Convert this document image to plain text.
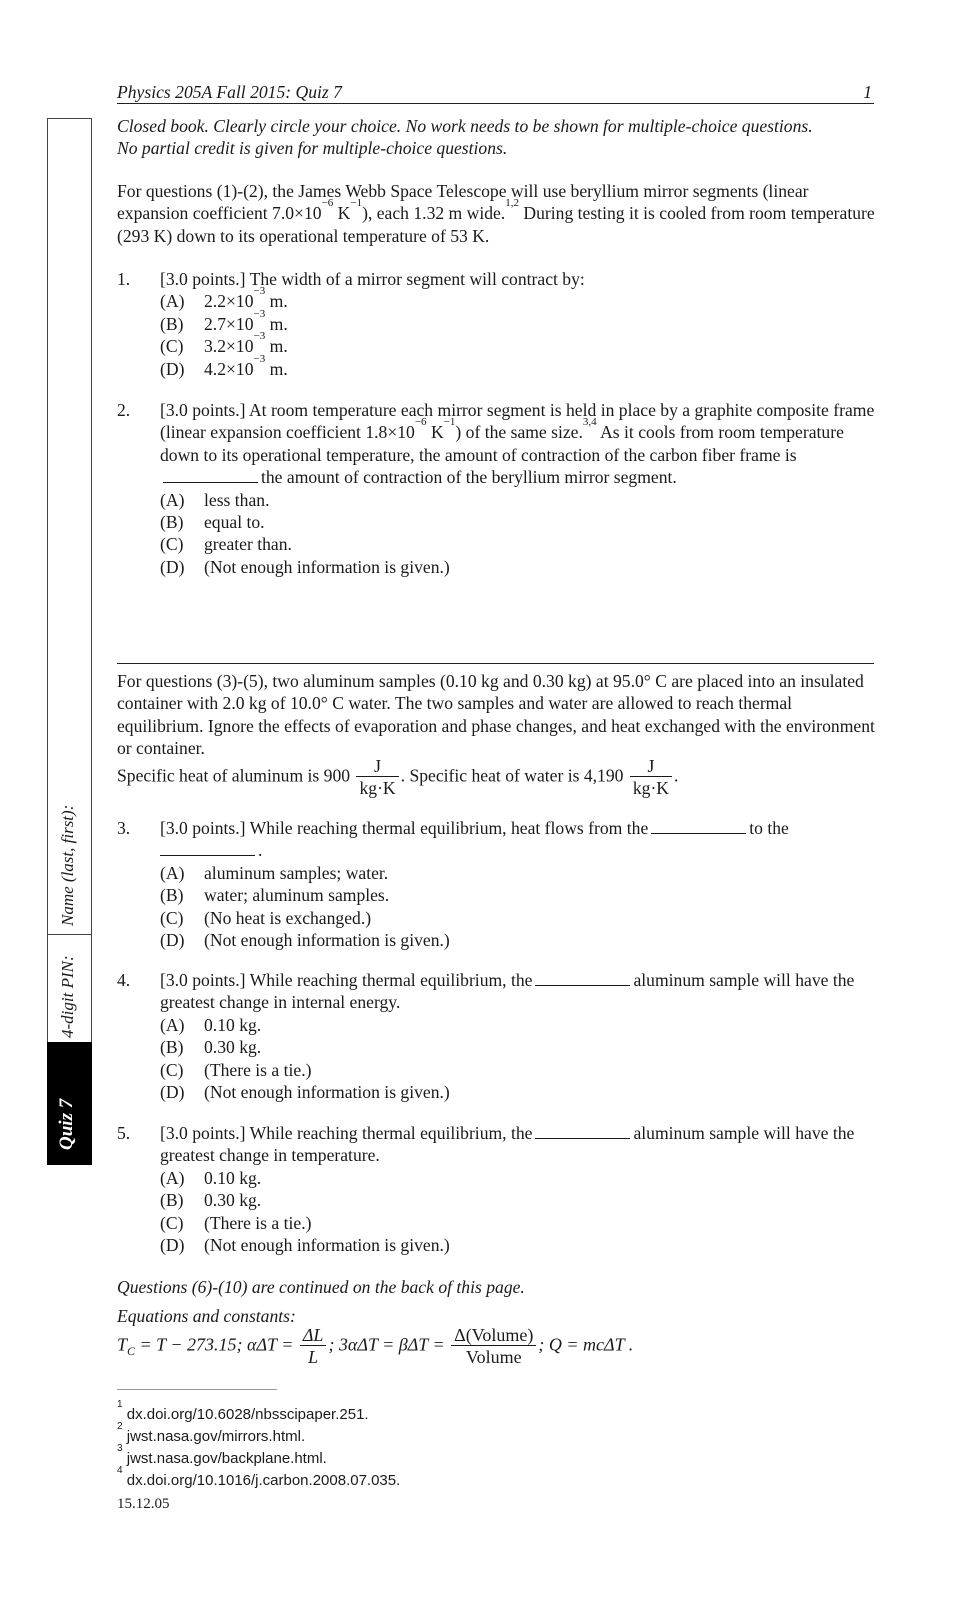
Physics 205A Fall 2015: Quiz 7	1
Name (last, first):
4-digit PIN:
Quiz 7
Closed book. Clearly circle your choice. No work needs to be shown for multiple-choice questions. No partial credit is given for multiple-choice questions.
For questions (1)-(2), the James Webb Space Telescope will use beryllium mirror segments (linear expansion coefficient $7.0\times 10^{-6}$ $K^{-1}$), each 1.32 m wide.$^{1,2}$ During testing it is cooled from room temperature (293 K) down to its operational temperature of 53 K.
1. [3.0 points.] The width of a mirror segment will contract by:
(A)	$2.2\times 10^{-3}$ m.
(B)	$2.7\times 10^{-3}$ m.
(C)	$3.2\times 10^{-3}$ m.
(D)	$4.2\times 10^{-3}$ m.
2. [3.0 points.] At room temperature each mirror segment is held in place by a graphite composite frame (linear expansion coefficient $1.8\times 10^{-6}$ $K^{-1}$) of the same size.$^{3,4}$ As it cools from room temperature down to its operational temperature, the amount of contraction of the carbon fiber frame isthe amount of contraction of the beryllium mirror segment.
(A)	less than.
(B)	equal to.
(C)	greater than.
(D)	(Not enough information is given.)
For questions (3)-(5), two aluminum samples (0.10 kg and 0.30 kg) at 95.0° C are placed into an insulated container with 2.0 kg of 10.0° C water. The two samples and water are allowed to reach thermal equilibrium. Ignore the effects of evaporation and phase changes, and heat exchanged with the environment or container.
Specific heat of aluminum is $900 \frac{J}{kg\cdot K}$ . Specific heat of water is $4,190 \frac{J}{kg\cdot K}$ .
3. [3.0 points.] While reaching thermal equilibrium, heat flows from the	to the
.
(A)	aluminum samples; water.
(B)	water; aluminum samples.
(C)	(No heat is exchanged.)
(D)	(Not enough information is given.)
4. [3.0 points.] While reaching thermal equilibrium, the	aluminum sample will have the greatest change in internal energy.
(A)	0.10 kg.
(B)	0.30 kg.
(C)	(There is a tie.)
(D)	(Not enough information is given.)
5. [3.0 points.] While reaching thermal equilibrium, the	aluminum sample will have the greatest change in temperature.
(A)	0.10 kg.
(B)	0.30 kg.
(C)	(There is a tie.)
(D)	(Not enough information is given.)
Questions (6)-(10) are continued on the back of this page.
Equations and constants:
$T_C = T - 273.15$; $\alpha\Delta T = \frac{\Delta L}{L}$ ; $3\alpha\Delta T = \beta\Delta T = \frac{\text{Δ(Volume)}}{\text{Volume}}$ ; Q = mcΔT .
$^1$ dx.doi.org/10.6028/nbsscipaper.251.
$^2$ jwst.nasa.gov/mirrors.html.
$^3$ jwst.nasa.gov/backplane.html.
$^4$ dx.doi.org/10.1016/j.carbon.2008.07.035.
15.12.05
